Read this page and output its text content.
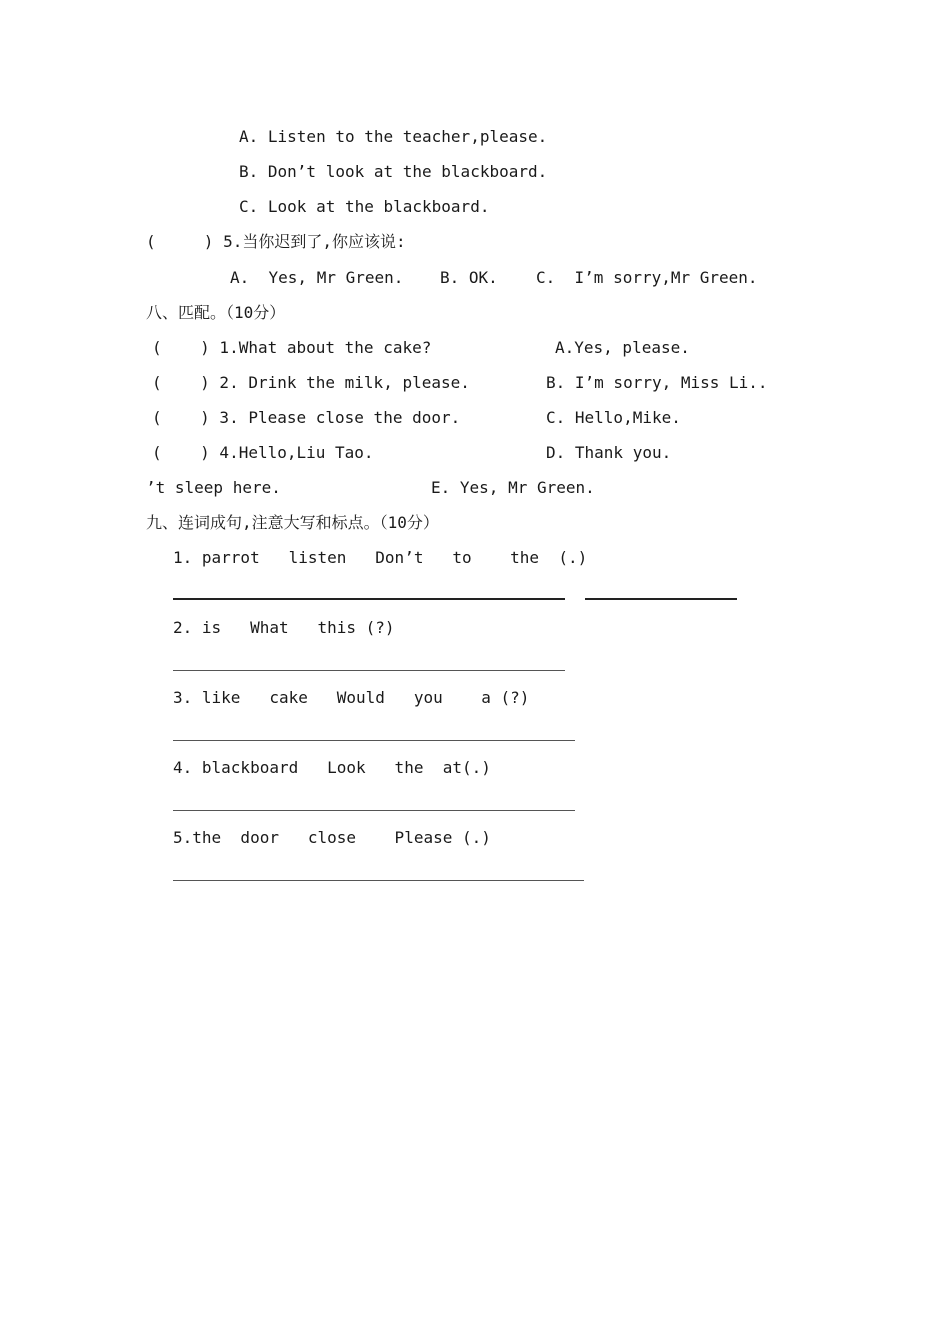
A. Listen to the teacher,please.
B. Don’t look at the blackboard.
C. Look at the blackboard.
(     ) 5.当你迟到了,你应该说:
A.  Yes, Mr Green. B. OK. C.  I’m sorry,Mr Green.
八、匹配。（10分）
(    ) 1.What about the cake?	A.Yes, please.
(    ) 2. Drink the milk, please.	B. I’m sorry, Miss Li..
(    ) 3. Please close the door.	C. Hello,Mike.
(    ) 4.Hello,Liu Tao.	D. Thank you.
’t sleep here.	E. Yes, Mr Green.
九、连词成句,注意大写和标点。（10分）
1. parrot   listen   Don’t   to    the  (.)
2. is   What   this (?)
3. like   cake   Would   you    a (?)
4. blackboard   Look   the  at(.)
5.the  door   close    Please (.)
